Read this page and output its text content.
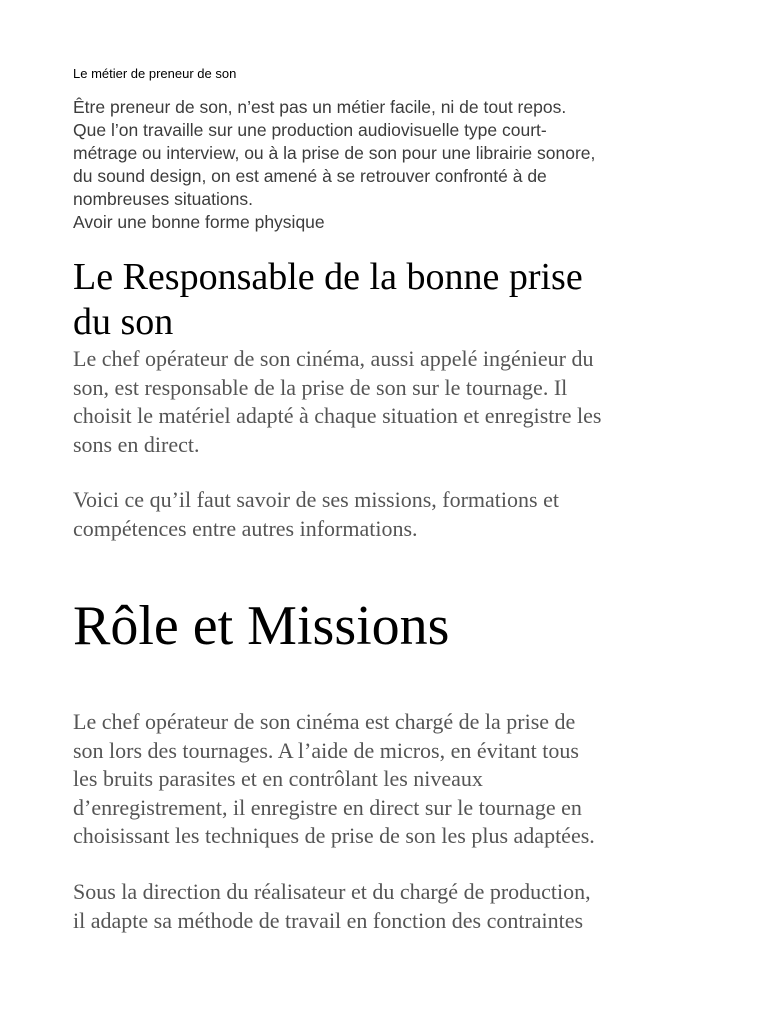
Le métier de preneur de son

Être preneur de son, n’est pas un métier facile, ni de tout repos.
Que l’on travaille sur une production audiovisuelle type court-
métrage ou interview, ou à la prise de son pour une librairie sonore,
du sound design, on est amené à se retrouver confronté à de
nombreuses situations.
Avoir une bonne forme physique

Le Responsable de la bonne prise
du son

Le chef opérateur de son cinéma, aussi appelé ingénieur du
son, est responsable de la prise de son sur le tournage. Il
choisit le matériel adapté à chaque situation et enregistre les
sons en direct.

Voici ce qu’il faut savoir de ses missions, formations et
compétences entre autres informations.

Rôle et Missions

Le chef opérateur de son cinéma est chargé de la prise de
son lors des tournages. A l’aide de micros, en évitant tous
les bruits parasites et en contrôlant les niveaux
d’enregistrement, il enregistre en direct sur le tournage en
choisissant les techniques de prise de son les plus adaptées.

Sous la direction du réalisateur et du chargé de production,
il adapte sa méthode de travail en fonction des contraintes
